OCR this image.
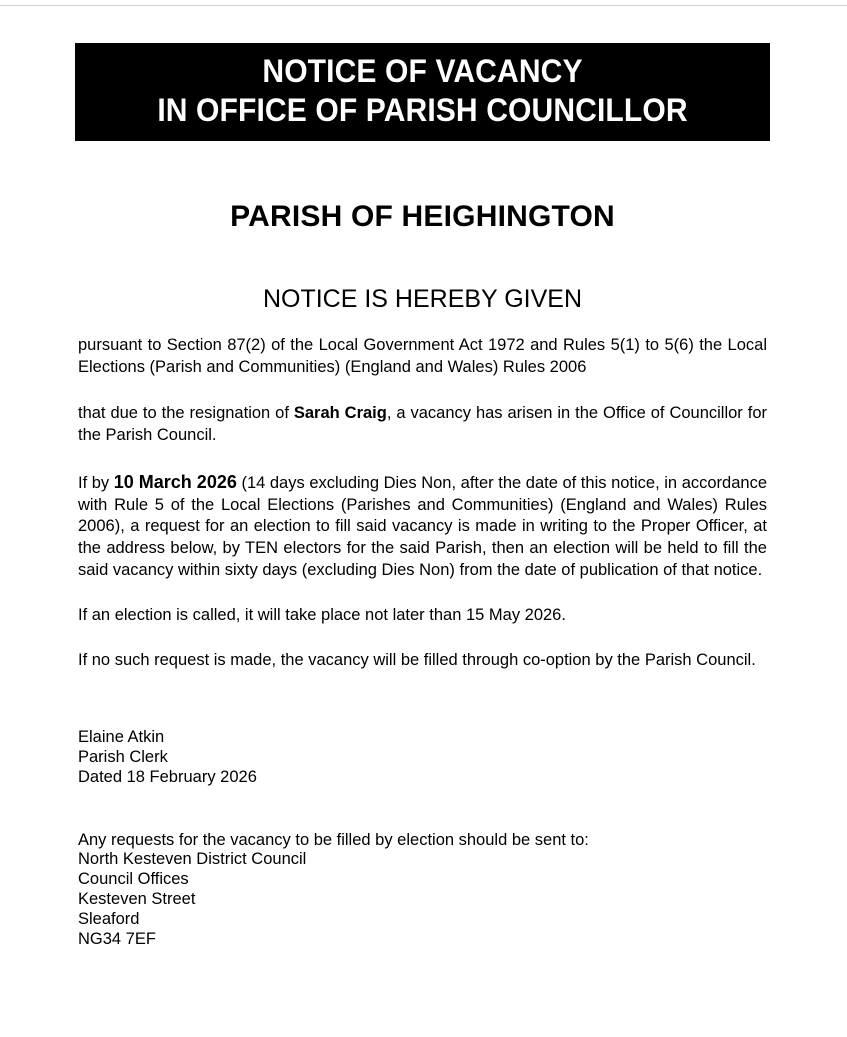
NOTICE OF VACANCY
IN OFFICE OF PARISH COUNCILLOR
PARISH OF HEIGHINGTON
NOTICE IS HEREBY GIVEN

pursuant to Section 87(2) of the Local Government Act 1972 and Rules 5(1) to 5(6) the Local Elections (Parish and Communities) (England and Wales) Rules 2006

that due to the resignation of Sarah Craig, a vacancy has arisen in the Office of Councillor for the Parish Council.

If by 10 March 2026 (14 days excluding Dies Non, after the date of this notice, in accordance with Rule 5 of the Local Elections (Parishes and Communities) (England and Wales) Rules 2006), a request for an election to fill said vacancy is made in writing to the Proper Officer, at the address below, by TEN electors for the said Parish, then an election will be held to fill the said vacancy within sixty days (excluding Dies Non) from the date of publication of that notice.

If an election is called, it will take place not later than 15 May 2026.

If no such request is made, the vacancy will be filled through co-option by the Parish Council.

Elaine Atkin
Parish Clerk
Dated 18 February 2026
Any requests for the vacancy to be filled by election should be sent to:
North Kesteven District Council
Council Offices
Kesteven Street
Sleaford
NG34 7EF
